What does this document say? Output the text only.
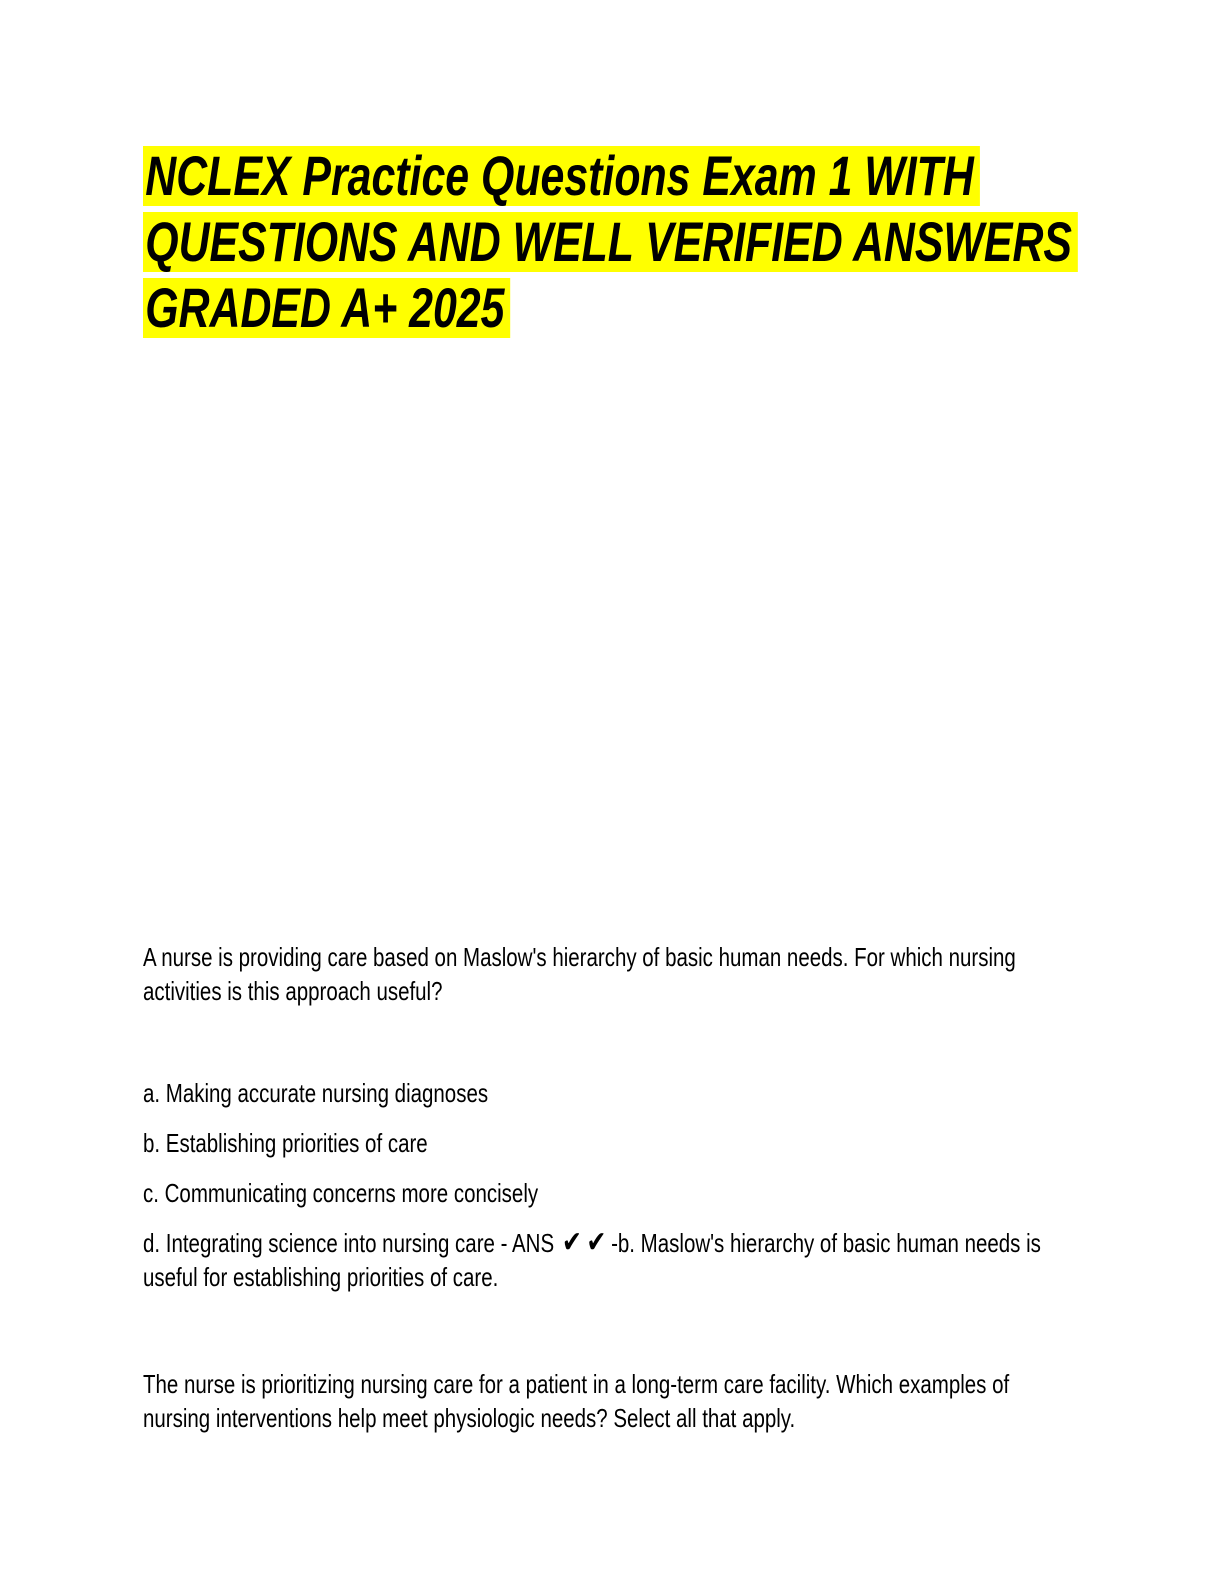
NCLEX Practice Questions Exam 1 WITH
QUESTIONS AND WELL VERIFIED ANSWERS
GRADED A+ 2025

A nurse is providing care based on Maslow's hierarchy of basic human needs. For which nursing activities is this approach useful?

a. Making accurate nursing diagnoses

b. Establishing priorities of care

c. Communicating concerns more concisely

d. Integrating science into nursing care - ANS ✔ ✔ -b. Maslow's hierarchy of basic human needs is useful for establishing priorities of care.

The nurse is prioritizing nursing care for a patient in a long-term care facility. Which examples of nursing interventions help meet physiologic needs? Select all that apply.
